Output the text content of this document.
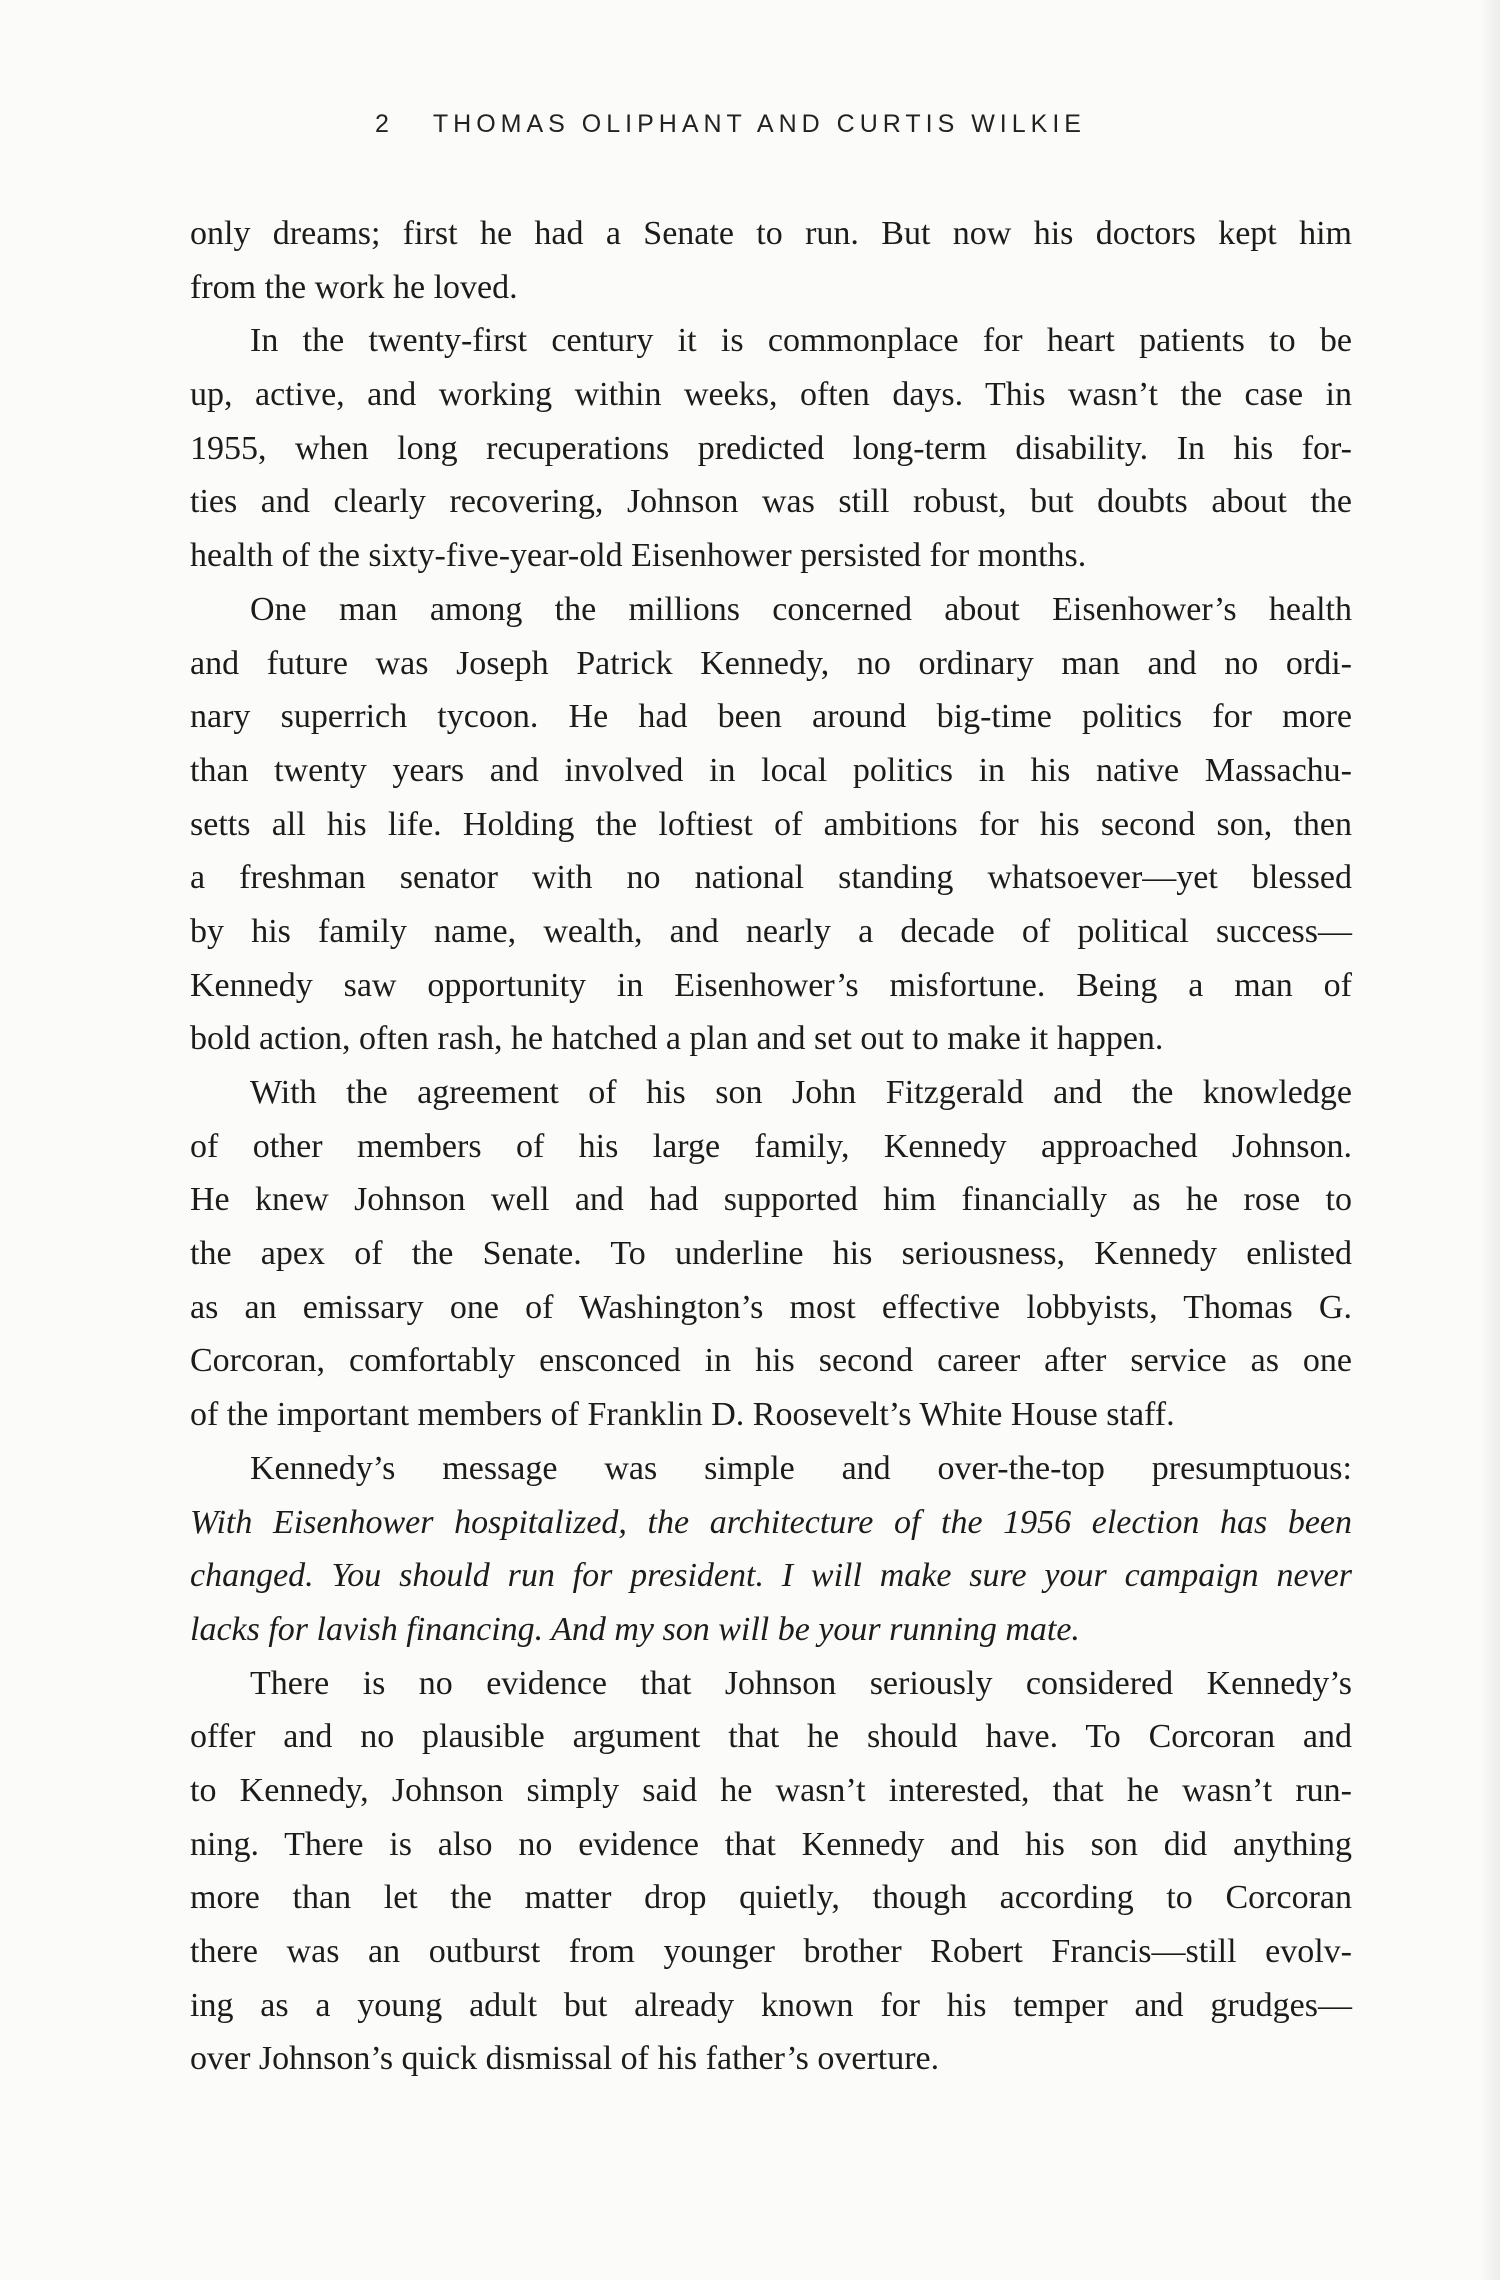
2 THOMAS OLIPHANT AND CURTIS WILKIE
only dreams; first he had a Senate to run. But now his doctors kept him
from the work he loved.
In the twenty-first century it is commonplace for heart patients to be
up, active, and working within weeks, often days. This wasn’t the case in
1955, when long recuperations predicted long-term disability. In his for-
ties and clearly recovering, Johnson was still robust, but doubts about the
health of the sixty-five-year-old Eisenhower persisted for months.
One man among the millions concerned about Eisenhower’s health
and future was Joseph Patrick Kennedy, no ordinary man and no ordi-
nary superrich tycoon. He had been around big-time politics for more
than twenty years and involved in local politics in his native Massachu-
setts all his life. Holding the loftiest of ambitions for his second son, then
a freshman senator with no national standing whatsoever—yet blessed
by his family name, wealth, and nearly a decade of political success—
Kennedy saw opportunity in Eisenhower’s misfortune. Being a man of
bold action, often rash, he hatched a plan and set out to make it happen.
With the agreement of his son John Fitzgerald and the knowledge
of other members of his large family, Kennedy approached Johnson.
He knew Johnson well and had supported him financially as he rose to
the apex of the Senate. To underline his seriousness, Kennedy enlisted
as an emissary one of Washington’s most effective lobbyists, Thomas G.
Corcoran, comfortably ensconced in his second career after service as one
of the important members of Franklin D. Roosevelt’s White House staff.
Kennedy’s message was simple and over-the-top presumptuous:
With Eisenhower hospitalized, the architecture of the 1956 election has been
changed. You should run for president. I will make sure your campaign never
lacks for lavish financing. And my son will be your running mate.
There is no evidence that Johnson seriously considered Kennedy’s
offer and no plausible argument that he should have. To Corcoran and
to Kennedy, Johnson simply said he wasn’t interested, that he wasn’t run-
ning. There is also no evidence that Kennedy and his son did anything
more than let the matter drop quietly, though according to Corcoran
there was an outburst from younger brother Robert Francis—still evolv-
ing as a young adult but already known for his temper and grudges—
over Johnson’s quick dismissal of his father’s overture.
